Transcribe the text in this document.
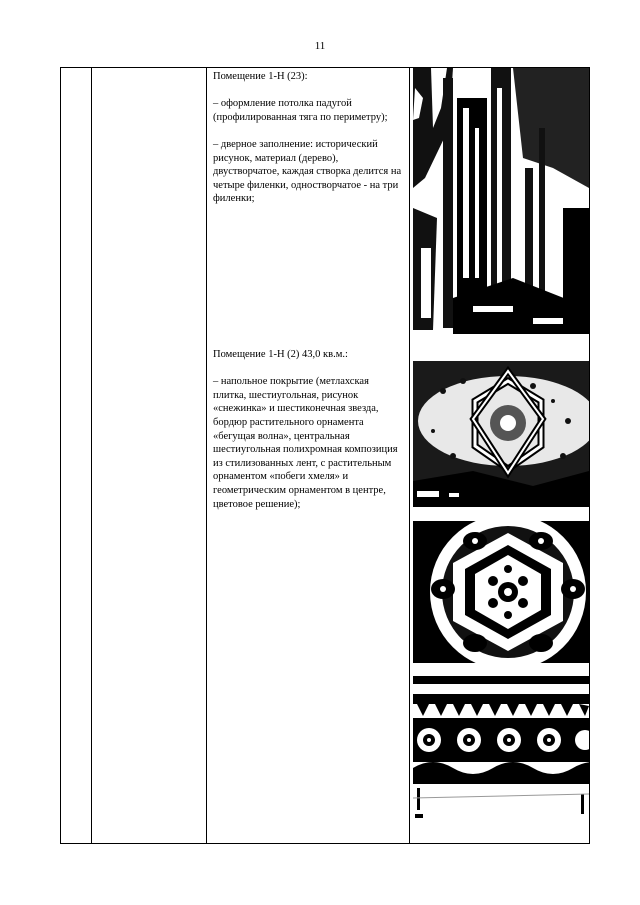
11

Помещение 1-Н (23):

– оформление потолка падугой (профилированная тяга по периметру);

– дверное заполнение: исторический рисунок, материал (дерево), двустворчатое, каждая створка делится на четыре филенки, одностворчатое - на три филенки;

Помещение 1-Н (2) 43,0 кв.м.:

– напольное покрытие (метлахская плитка, шестиугольная, рисунок «снежинка» и шестиконечная звезда, бордюр растительного орнамента «бегущая волна», центральная шестиугольная полихромная композиция из стилизованных лент, с растительным орнаментом «побеги хмеля» и геометрическим орнаментом в центре, цветовое решение);
